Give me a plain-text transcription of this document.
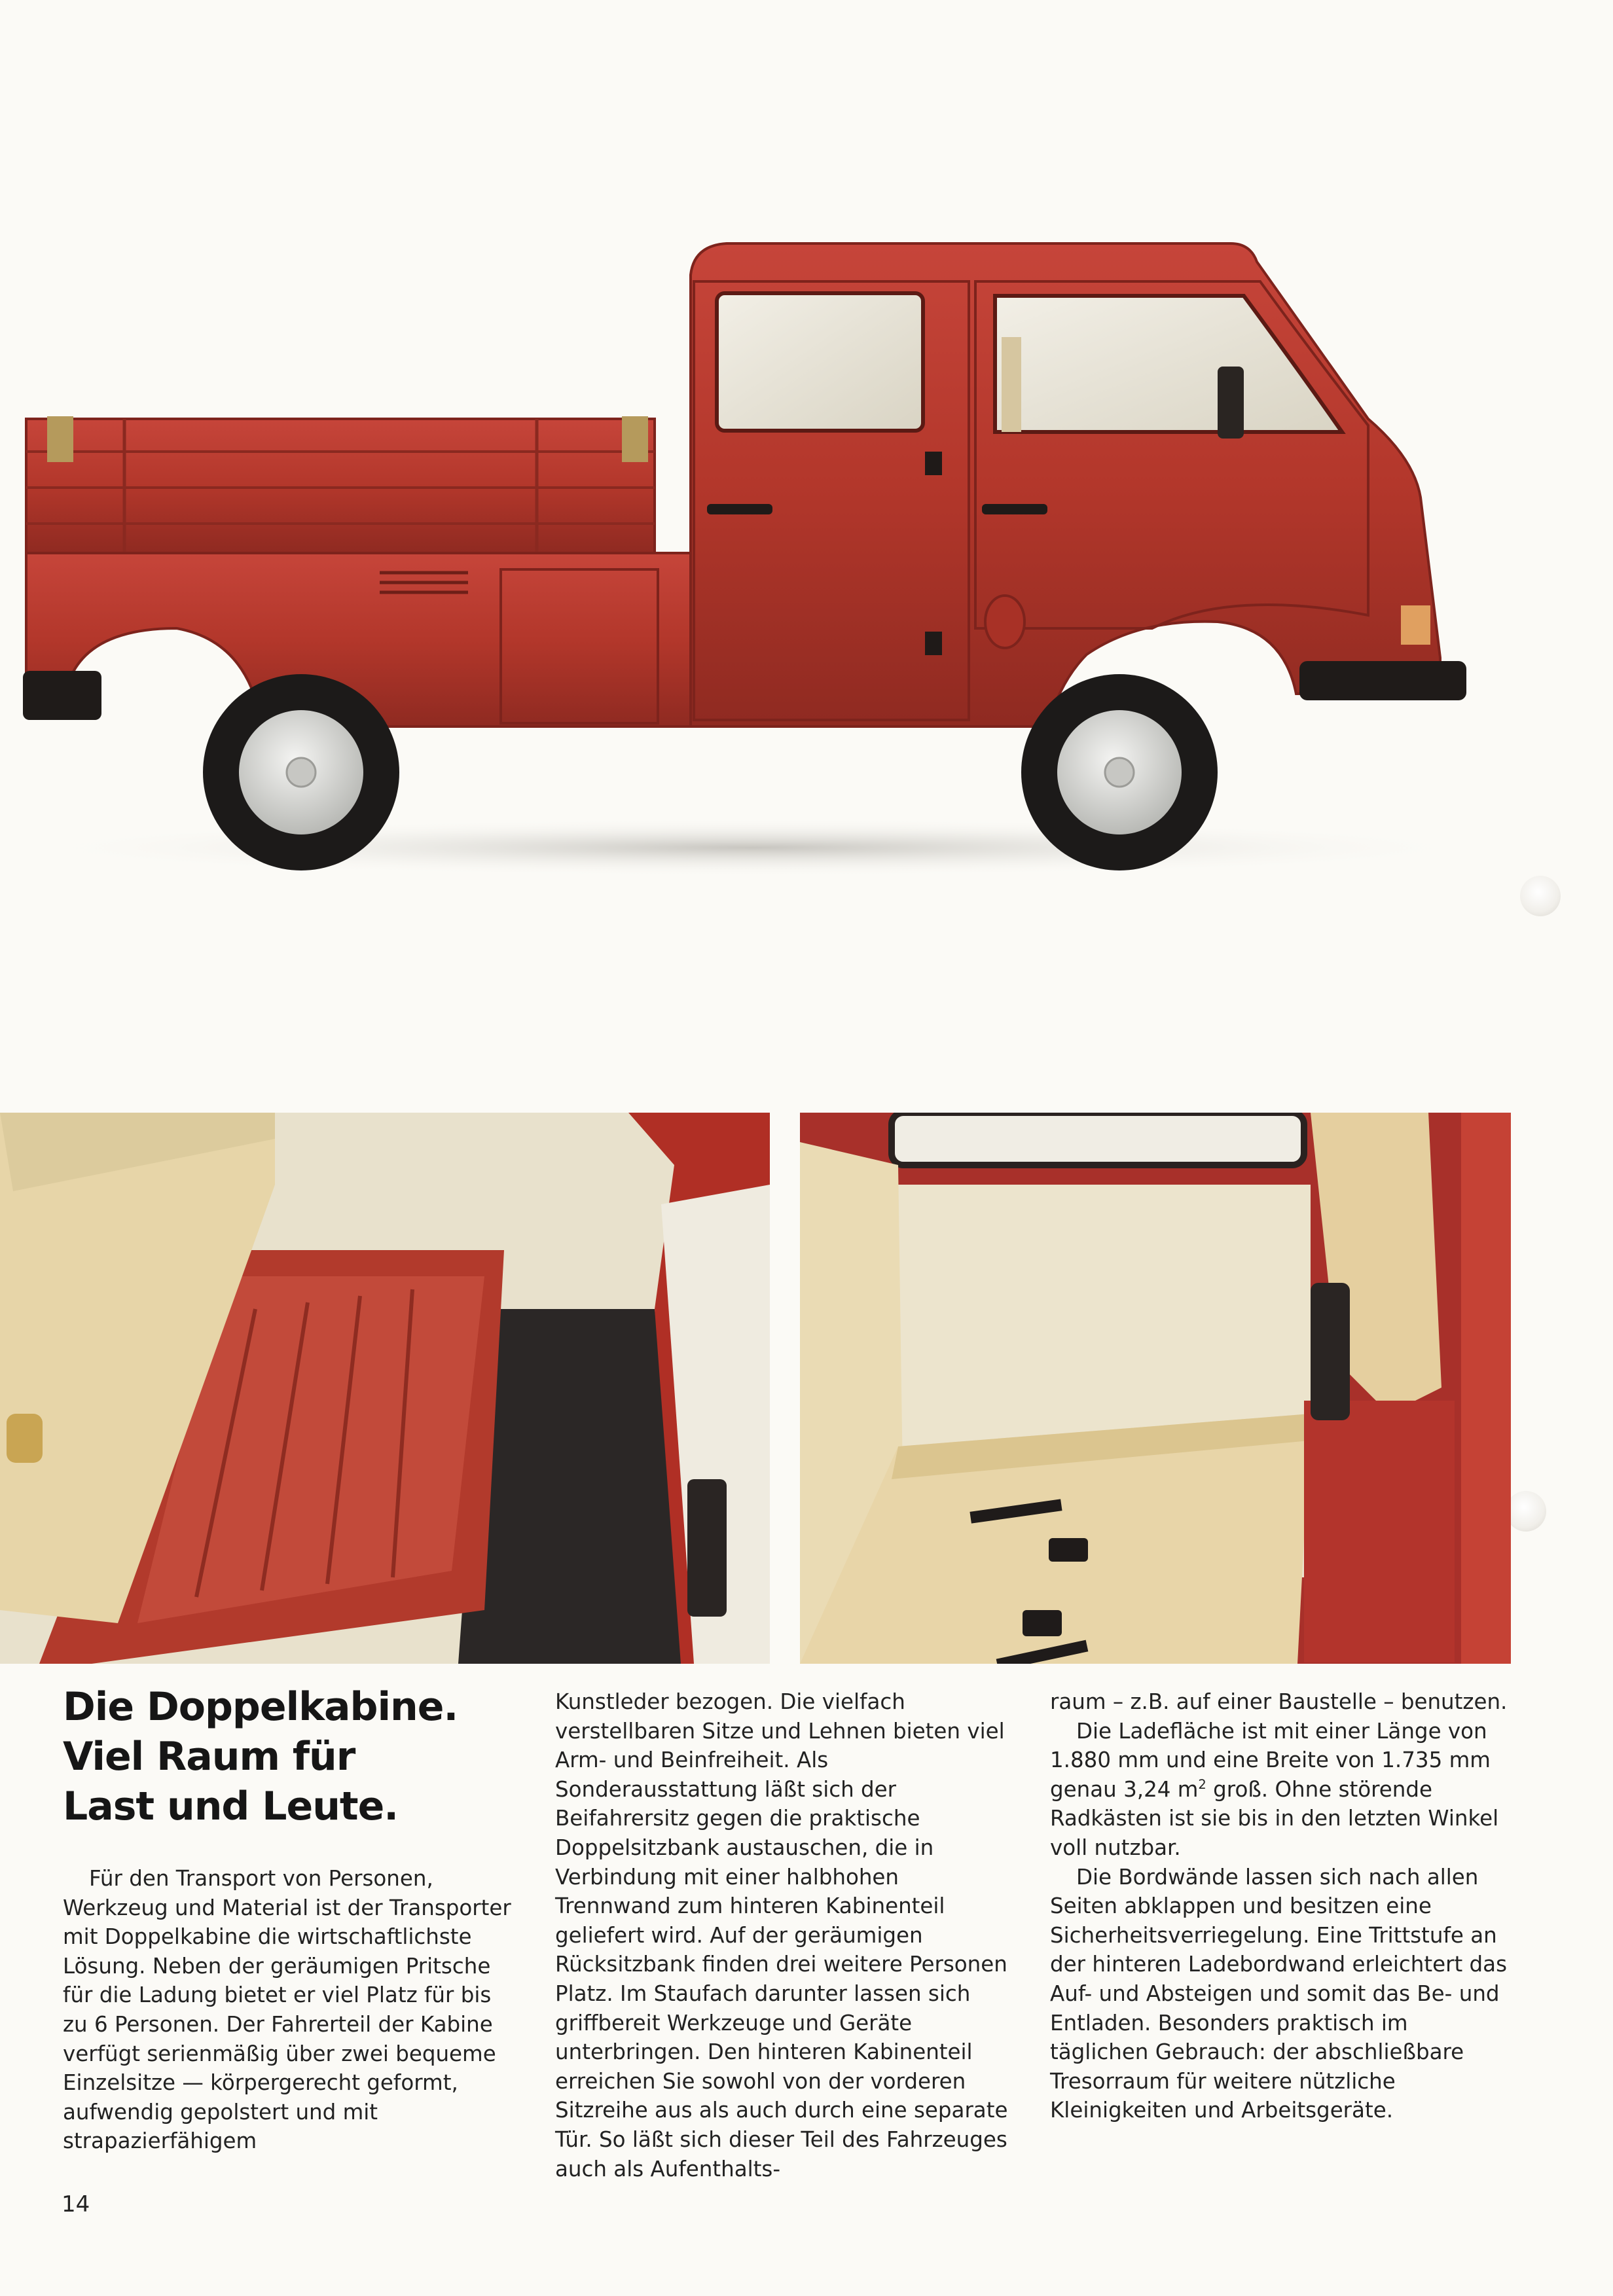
Die Doppelkabine.
Viel Raum für
Last und Leute.

Für den Transport von Personen, Werkzeug und Material ist der Transporter mit Doppelkabine die wirtschaftlichste Lösung. Neben der geräumigen Pritsche für die Ladung bietet er viel Platz für bis zu 6 Personen. Der Fahrerteil der Kabine verfügt serienmäßig über zwei bequeme Einzelsitze — körpergerecht geformt, aufwendig gepolstert und mit strapazierfähigem

Kunstleder bezogen. Die vielfach verstellbaren Sitze und Lehnen bieten viel Arm- und Beinfreiheit. Als Sonderausstattung läßt sich der Beifahrersitz gegen die praktische Doppelsitzbank austauschen, die in Verbindung mit einer halbhohen Trennwand zum hinteren Kabinenteil geliefert wird. Auf der geräumigen Rücksitzbank finden drei weitere Personen Platz. Im Staufach darunter lassen sich griffbereit Werkzeuge und Geräte unterbringen. Den hinteren Kabinenteil erreichen Sie sowohl von der vorderen Sitzreihe aus als auch durch eine separate Tür. So läßt sich dieser Teil des Fahrzeuges auch als Aufenthalts-

raum – z.B. auf einer Baustelle – benutzen.

Die Ladefläche ist mit einer Länge von 1.880 mm und eine Breite von 1.735 mm genau 3,24 $m^2$ groß. Ohne störende Radkästen ist sie bis in den letzten Winkel voll nutzbar.

Die Bordwände lassen sich nach allen Seiten abklappen und besitzen eine Sicherheitsverriegelung. Eine Trittstufe an der hinteren Ladebordwand erleichtert das Auf- und Absteigen und somit das Be- und Entladen. Besonders praktisch im täglichen Gebrauch: der abschließbare Tresorraum für weitere nützliche Kleinigkeiten und Arbeitsgeräte.

14
